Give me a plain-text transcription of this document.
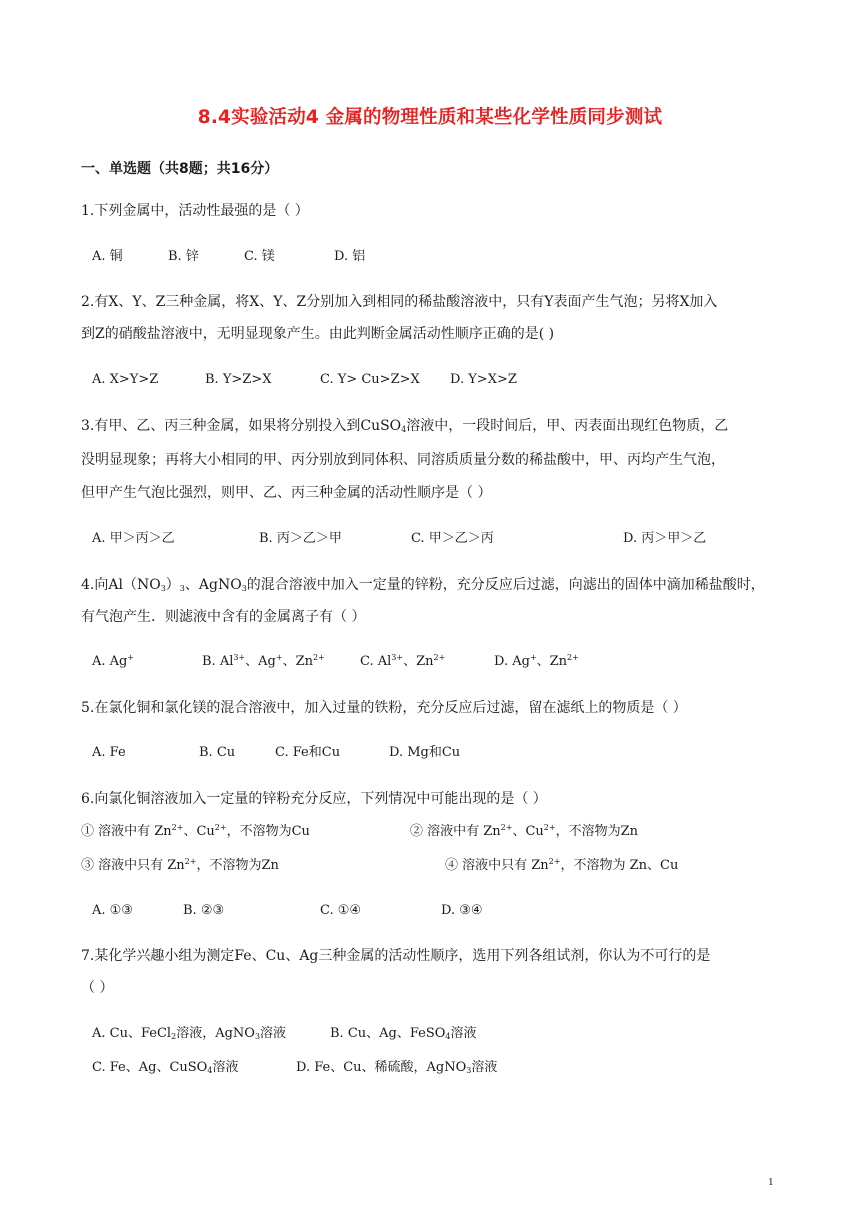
8.4实验活动4 金属的物理性质和某些化学性质同步测试
一、单选题（共8题；共16分）
1.下列金属中，活动性最强的是（ ）
A. 铜	B. 锌	C. 镁	D. 铝
2.有X、Y、Z三种金属，将X、Y、Z分别加入到相同的稀盐酸溶液中，只有Y表面产生气泡；另将X加入
到Z的硝酸盐溶液中，无明显现象产生。由此判断金属活动性顺序正确的是( )
A. X>Y>Z	B. Y>Z>X	C. Y> Cu>Z>X D. Y>X>Z
3.有甲、乙、丙三种金属，如果将分别投入到CuSO$_4$溶液中，一段时间后，甲、丙表面出现红色物质，乙
没明显现象；再将大小相同的甲、丙分别放到同体积、同溶质质量分数的稀盐酸中，甲、丙均产生气泡，
但甲产生气泡比强烈，则甲、乙、丙三种金属的活动性顺序是（ ）
A. 甲＞丙＞乙	B. 丙＞乙＞甲	C. 甲＞乙＞丙	D. 丙＞甲＞乙
4.向$Al(NO_3)_3$、AgNO$_3$的混合溶液中加入一定量的锌粉，充分反应后过滤，向滤出的固体中滴加稀盐酸时，
有气泡产生．则滤液中含有的金属离子有（ ）
A. Ag+	B. $Al^{3+}$、Ag+、$Zn^{2+}$	C. $Al^{3+}$、$Zn^{2+}$	D. Ag+、$Zn^{2+}$
5.在氯化铜和氯化镁的混合溶液中，加入过量的铁粉，充分反应后过滤，留在滤纸上的物质是（ ）
A. Fe	B. Cu	C. Fe和Cu	D. Mg和Cu
6.向氯化铜溶液加入一定量的锌粉充分反应，下列情况中可能出现的是（ ）
① 溶液中有 $Zn^{2+}$、$Cu^{2+}$，不溶物为Cu	② 溶液中有 $Zn^{2+}$、$Cu^{2+}$，不溶物为Zn
③ 溶液中只有 $Zn^{2+}$，不溶物为Zn	④ 溶液中只有 $Zn^{2+}$，不溶物为 Zn、Cu
A. ①③	B. ②③	C. ①④	D. ③④
7.某化学兴趣小组为测定Fe、Cu、Ag三种金属的活动性顺序，选用下列各组试剂，你认为不可行的是
（ ）
A. Cu、FeCl$_2$溶液，AgNO$_3$溶液	B. Cu、Ag、FeSO$_4$溶液
C. Fe、Ag、CuSO$_4$溶液	D. Fe、Cu、稀硫酸，AgNO$_3$溶液
1
